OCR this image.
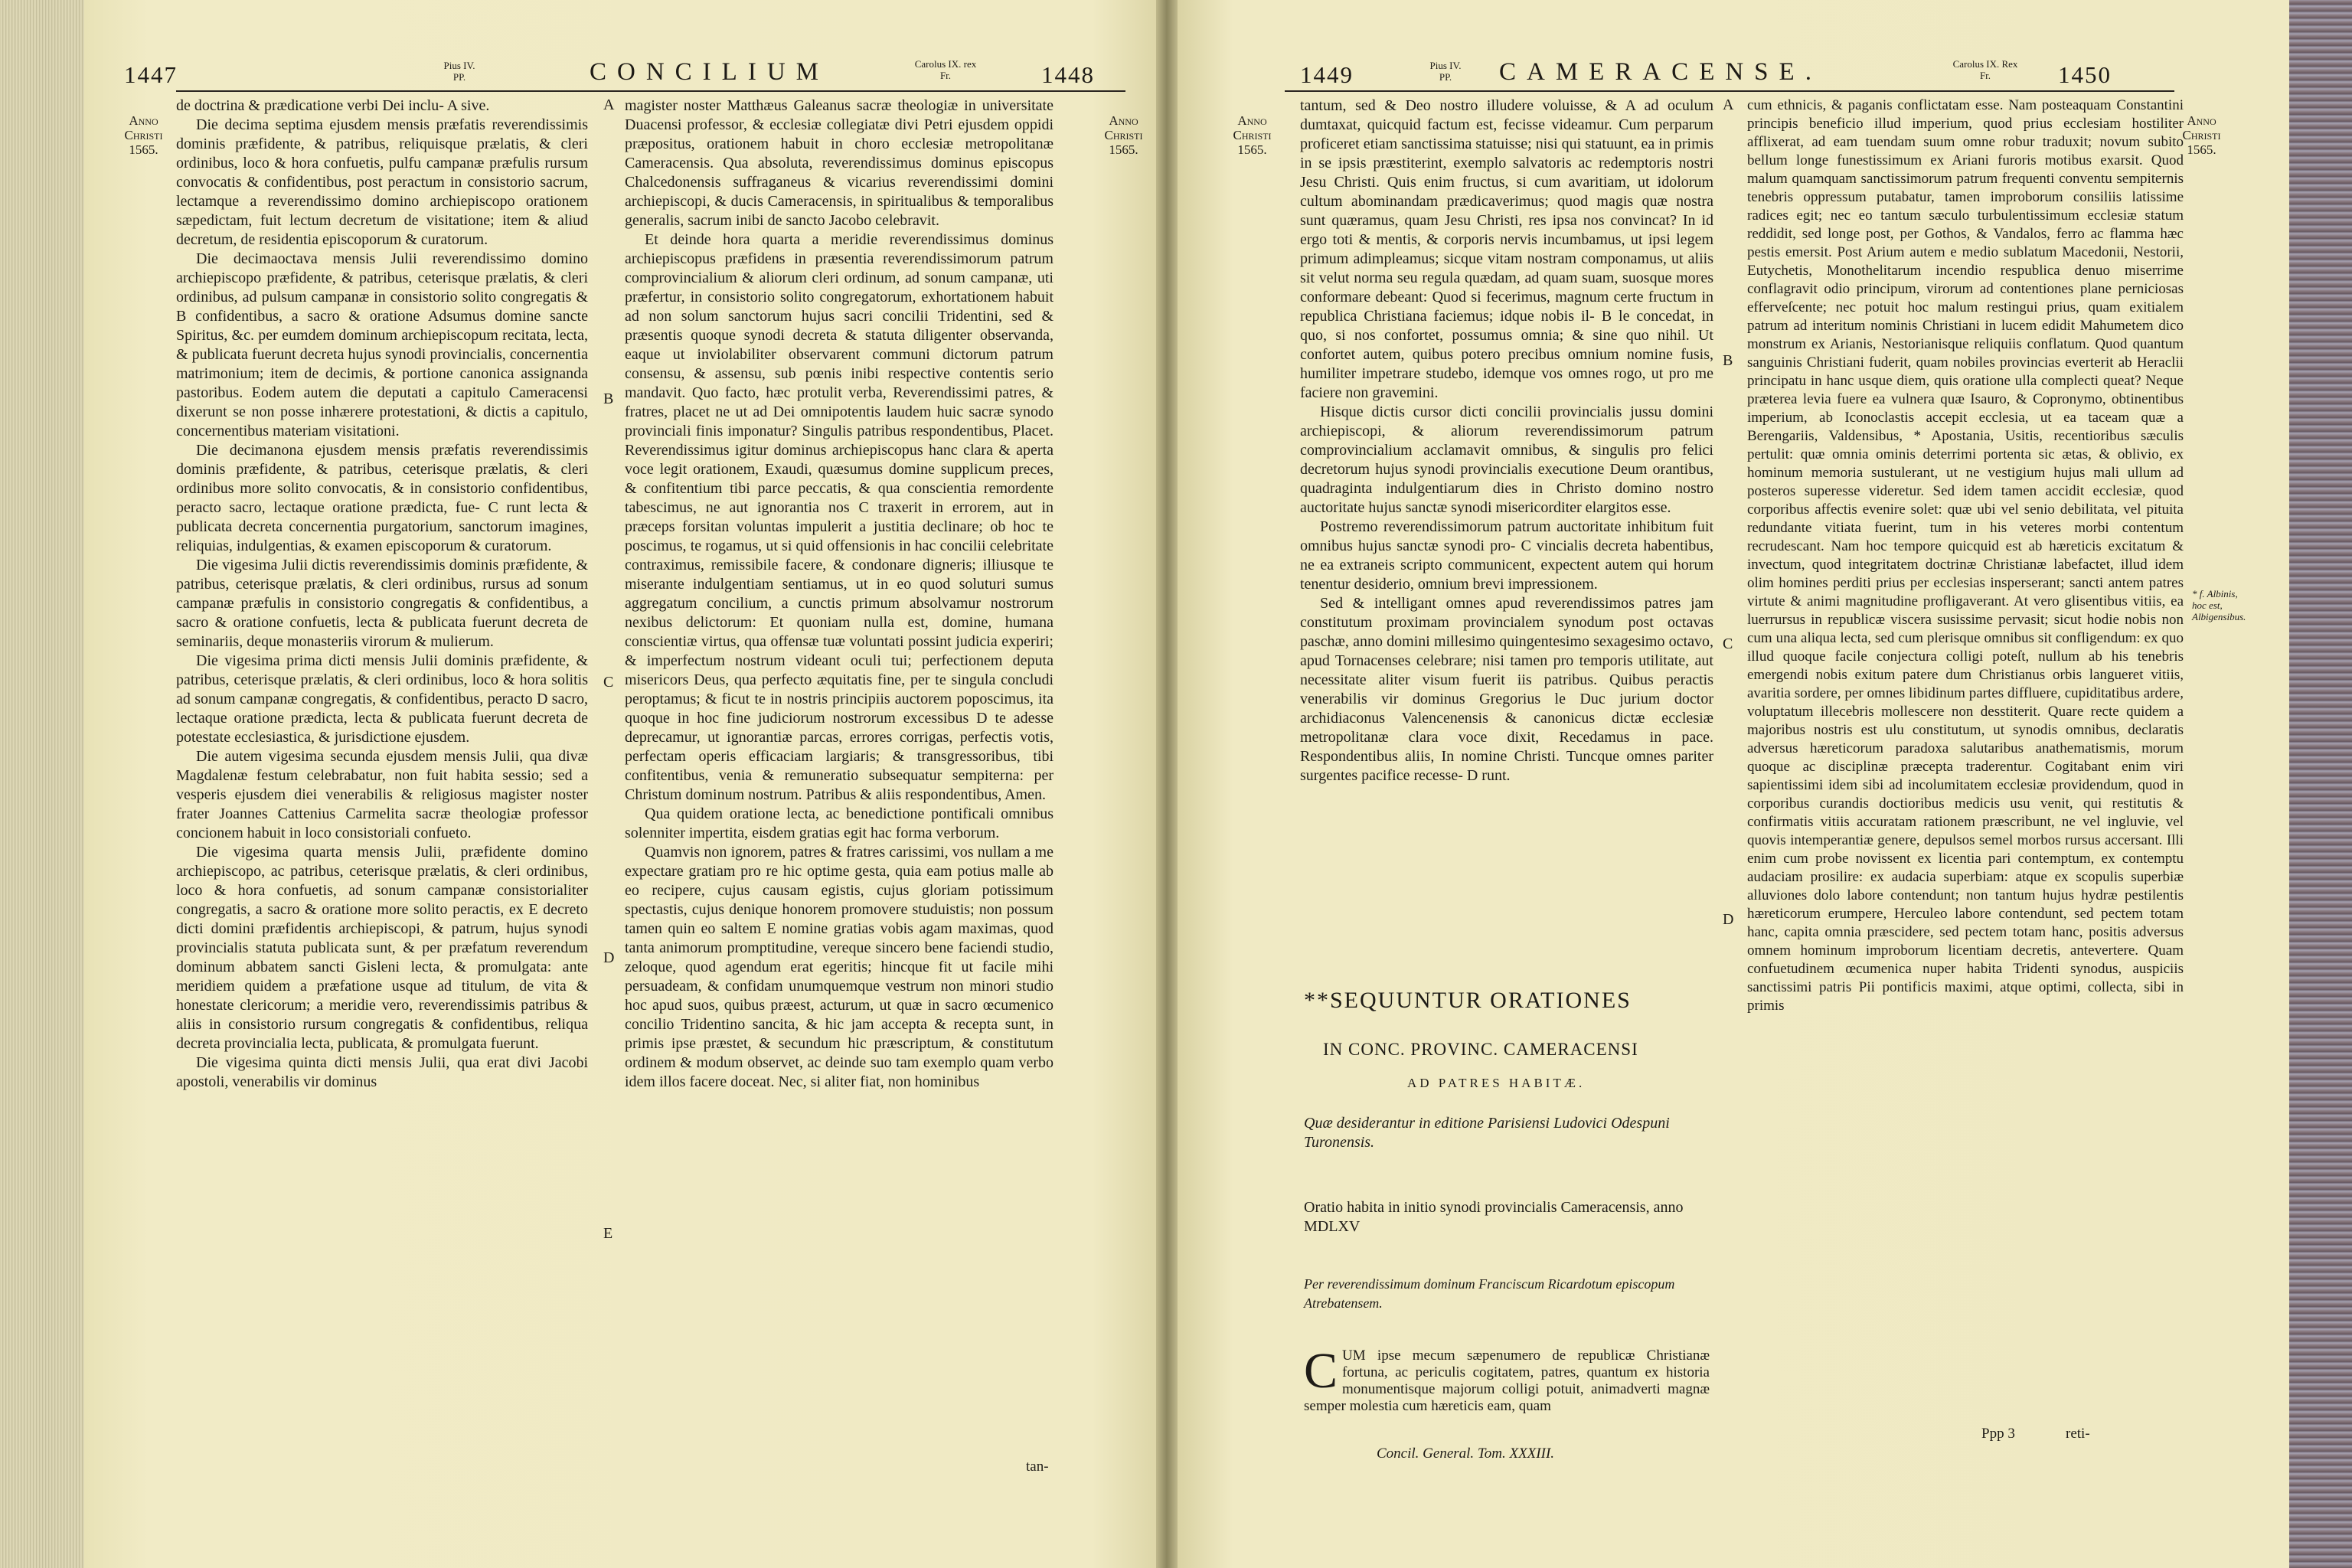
1447	Pius IV. PP.	CONCILIUM	Carolus IX. rex Fr.	1448
Anno Christi 1565.
Anno Christi 1565.

de doctrina & prædicatione verbi Dei inclu- A sive.

Die decima septima ejusdem mensis præfatis reverendissimis dominis præfidente, & patribus, reliquisque prælatis, & cleri ordinibus, loco & hora confuetis, pulfu campanæ præfulis rursum convocatis & confidentibus, post peractum in consistorio sacrum, lectamque a reverendissimo domino archiepiscopo orationem sæpedictam, fuit lectum decretum de visitatione; item & aliud decretum, de residentia episcoporum & curatorum.

Die decimaoctava mensis Julii reverendissimo domino archiepiscopo præfidente, & patribus, ceterisque prælatis, & cleri ordinibus, ad pulsum campanæ in consistorio solito congregatis & B confidentibus, a sacro & oratione Adsumus domine sancte Spiritus, &c. per eumdem dominum archiepiscopum recitata, lecta, & publicata fuerunt decreta hujus synodi provincialis, concernentia matrimonium; item de decimis, & portione canonica assignanda pastoribus. Eodem autem die deputati a capitulo Cameracensi dixerunt se non posse inhærere protestationi, & dictis a capitulo, concernentibus materiam visitationi.

Die decimanona ejusdem mensis præfatis reverendissimis dominis præfidente, & patribus, ceterisque prælatis, & cleri ordinibus more solito convocatis, & in consistorio confidentibus, peracto sacro, lectaque oratione prædicta, fue- C runt lecta & publicata decreta concernentia purgatorium, sanctorum imagines, reliquias, indulgentias, & examen episcoporum & curatorum.

Die vigesima Julii dictis reverendissimis dominis præfidente, & patribus, ceterisque prælatis, & cleri ordinibus, rursus ad sonum campanæ præfulis in consistorio congregatis & confidentibus, a sacro & oratione confuetis, lecta & publicata fuerunt decreta de seminariis, deque monasteriis virorum & mulierum.

Die vigesima prima dicti mensis Julii dominis præfidente, & patribus, ceterisque prælatis, & cleri ordinibus, loco & hora solitis ad sonum campanæ congregatis, & confidentibus, peracto D sacro, lectaque oratione prædicta, lecta & publicata fuerunt decreta de potestate ecclesiastica, & jurisdictione ejusdem.

Die autem vigesima secunda ejusdem mensis Julii, qua divæ Magdalenæ festum celebrabatur, non fuit habita sessio; sed a vesperis ejusdem diei venerabilis & religiosus magister noster frater Joannes Cattenius Carmelita sacræ theologiæ professor concionem habuit in loco consistoriali confueto.

Die vigesima quarta mensis Julii, præfidente domino archiepiscopo, ac patribus, ceterisque prælatis, & cleri ordinibus, loco & hora confuetis, ad sonum campanæ consistorialiter congregatis, a sacro & oratione more solito peractis, ex E decreto dicti domini præfidentis archiepiscopi, & patrum, hujus synodi provincialis statuta publicata sunt, & per præfatum reverendum dominum abbatem sancti Gisleni lecta, & promulgata: ante meridiem quidem a præfatione usque ad titulum, de vita & honestate clericorum; a meridie vero, reverendissimis patribus & aliis in consistorio rursum congregatis & confidentibus, reliqua decreta provincialia lecta, publicata, & promulgata fuerunt.

Die vigesima quinta dicti mensis Julii, qua erat divi Jacobi apostoli, venerabilis vir dominus

A
B
C
D
E

magister noster Matthæus Galeanus sacræ theologiæ in universitate Duacensi professor, & ecclesiæ collegiatæ divi Petri ejusdem oppidi præpositus, orationem habuit in choro ecclesiæ metropolitanæ Cameracensis. Qua absoluta, reverendissimus dominus episcopus Chalcedonensis suffraganeus & vicarius reverendissimi domini archiepiscopi, & ducis Cameracensis, in spiritualibus & temporalibus generalis, sacrum inibi de sancto Jacobo celebravit.

Et deinde hora quarta a meridie reverendissimus dominus archiepiscopus præfidens in præsentia reverendissimorum patrum comprovincialium & aliorum cleri ordinum, ad sonum campanæ, uti præfertur, in consistorio solito congregatorum, exhortationem habuit ad non solum sanctorum hujus sacri concilii Tridentini, sed & præsentis quoque synodi decreta & statuta diligenter observanda, eaque ut inviolabiliter observarent communi dictorum patrum consensu, & assensu, sub pœnis inibi respective contentis serio mandavit. Quo facto, hæc protulit verba, Reverendissimi patres, & fratres, placet ne ut ad Dei omnipotentis laudem huic sacræ synodo provinciali finis imponatur? Singulis patribus respondentibus, Placet. Reverendissimus igitur dominus archiepiscopus hanc clara & aperta voce legit orationem, Exaudi, quæsumus domine supplicum preces, & confitentium tibi parce peccatis, & qua conscientia remordente tabescimus, ne aut ignorantia nos C traxerit in errorem, aut in præceps forsitan voluntas impulerit a justitia declinare; ob hoc te poscimus, te rogamus, ut si quid offensionis in hac concilii celebritate contraximus, remissibile facere, & condonare digneris; illiusque te miserante indulgentiam sentiamus, ut in eo quod soluturi sumus aggregatum concilium, a cunctis primum absolvamur nostrorum nexibus delictorum: Et quoniam nulla est, domine, humana conscientiæ virtus, qua offensæ tuæ voluntati possint judicia experiri; & imperfectum nostrum videant oculi tui; perfectionem deputa misericors Deus, qua perfecto æquitatis fine, per te singula concludi peroptamus; & ficut te in nostris principiis auctorem poposcimus, ita quoque in hoc fine judiciorum nostrorum excessibus D te adesse deprecamur, ut ignorantiæ parcas, errores corrigas, perfectis votis, perfectam operis efficaciam largiaris; & transgressoribus, tibi confitentibus, venia & remuneratio subsequatur sempiterna: per Christum dominum nostrum. Patribus & aliis respondentibus, Amen.

Qua quidem oratione lecta, ac benedictione pontificali omnibus solenniter impertita, eisdem gratias egit hac forma verborum.

Quamvis non ignorem, patres & fratres carissimi, vos nullam a me expectare gratiam pro re hic optime gesta, quia eam potius malle ab eo recipere, cujus causam egistis, cujus gloriam potissimum spectastis, cujus denique honorem promovere studuistis; non possum tamen quin eo saltem E nomine gratias vobis agam maximas, quod tanta animorum promptitudine, vereque sincero bene faciendi studio, zeloque, quod agendum erat egeritis; hincque fit ut facile mihi persuadeam, & confidam unumquemque vestrum non minori studio hoc apud suos, quibus præest, acturum, ut quæ in sacro œcumenico concilio Tridentino sancita, & hic jam accepta & recepta sunt, in primis ipse præstet, & secundum hic præscriptum, & constitutum ordinem & modum observet, ac deinde suo tam exemplo quam verbo idem illos facere doceat. Nec, si aliter fiat, non hominibus

tan-
1449	Pius IV. PP.	CAMERACENSE.	Carolus IX. Rex Fr.	1450
Anno Christi 1565.
Anno Christi 1565.

tantum, sed & Deo nostro illudere voluisse, & A ad oculum dumtaxat, quicquid factum est, fecisse videamur. Cum perparum proficeret etiam sanctissima statuisse; nisi qui statuunt, ea in primis in se ipsis præstiterint, exemplo salvatoris ac redemptoris nostri Jesu Christi. Quis enim fructus, si cum avaritiam, ut idolorum cultum abominandam prædicaverimus; quod magis quæ nostra sunt quæramus, quam Jesu Christi, res ipsa nos convincat? In id ergo toti & mentis, & corporis nervis incumbamus, ut ipsi legem primum adimpleamus; sicque vitam nostram componamus, ut aliis sit velut norma seu regula quædam, ad quam suam, suosque mores conformare debeant: Quod si fecerimus, magnum certe fructum in republica Christiana faciemus; idque nobis il- B le concedat, in quo, si nos confortet, possumus omnia; & sine quo nihil. Ut confortet autem, quibus potero precibus omnium nomine fusis, humiliter impetrare studebo, idemque vos omnes rogo, ut pro me faciere non gravemini.

Hisque dictis cursor dicti concilii provincialis jussu domini archiepiscopi, & aliorum reverendissimorum patrum comprovincialium acclamavit omnibus, & singulis pro felici decretorum hujus synodi provincialis executione Deum orantibus, quadraginta indulgentiarum dies in Christo domino nostro auctoritate hujus sanctæ synodi misericorditer elargitos esse.

Postremo reverendissimorum patrum auctoritate inhibitum fuit omnibus hujus sanctæ synodi pro- C vincialis decreta habentibus, ne ea extraneis scripto communicent, expectent autem qui horum tenentur desiderio, omnium brevi impressionem.

Sed & intelligant omnes apud reverendissimos patres jam constitutum proximam provincialem synodum post octavas paschæ, anno domini millesimo quingentesimo sexagesimo octavo, apud Tornacenses celebrare; nisi tamen pro temporis utilitate, aut necessitate aliter visum fuerit iis patribus. Quibus peractis venerabilis vir dominus Gregorius le Duc jurium doctor archidiaconus Valencenensis & canonicus dictæ ecclesiæ metropolitanæ clara voce dixit, Recedamus in pace. Respondentibus aliis, In nomine Christi. Tuncque omnes pariter surgentes pacifice recesse- D runt.

**SEQUUNTUR ORATIONES
IN CONC. PROVINC. CAMERACENSI
AD PATRES HABITÆ.
Quæ desiderantur in editione Parisiensi Ludovici Odespuni Turonensis.
Oratio habita in initio synodi provincialis Cameracensis, anno MDLXV
Per reverendissimum dominum Franciscum Ricardotum episcopum Atrebatensem.
C UM ipse mecum sæpenumero de republicæ Christianæ fortuna, ac periculis cogitatem, patres, quantum ex historia monumentisque majorum colligi potuit, animadverti magnæ semper molestia cum hæreticis eam, quam
Concil. General. Tom. XXXIII.
Ppp 3	reti-

cum ethnicis, & paganis conflictatam esse. Nam posteaquam Constantini principis beneficio illud imperium, quod prius ecclesiam hostiliter afflixerat, ad eam tuendam suum omne robur traduxit; novum subito bellum longe funestissimum ex Ariani furoris motibus exarsit. Quod malum quamquam sanctissimorum patrum frequenti conventu sempiternis tenebris oppressum putabatur, tamen improborum consiliis latissime radices egit; nec eo tantum sæculo turbulentissimum ecclesiæ statum reddidit, sed longe post, per Gothos, & Vandalos, ferro ac flamma hæc pestis emersit. Post Arium autem e medio sublatum Macedonii, Nestorii, Eutychetis, Monothelitarum incendio respublica denuo miserrime conflagravit odio principum, virorum ad contentiones plane perniciosas efferveſcente; nec potuit hoc malum restingui prius, quam exitialem patrum ad interitum nominis Christiani in lucem edidit Mahumetem dico monstrum ex Arianis, Nestorianisque reliquiis conflatum. Quod quantum sanguinis Christiani fuderit, quam nobiles provincias everterit ab Heraclii principatu in hanc usque diem, quis oratione ulla complecti queat? Neque præterea levia fuere ea vulnera quæ Isauro, & Copronymo, obtinentibus imperium, ab Iconoclastis accepit ecclesia, ut ea taceam quæ a Berengariis, Valdensibus, * Apostania, Usitis, recentioribus sæculis pertulit: quæ omnia ominis deterrimi portenta sic ætas, & oblivio, ex hominum memoria sustulerant, ut ne vestigium hujus mali ullum ad posteros superesse videretur. Sed idem tamen accidit ecclesiæ, quod corporibus affectis evenire solet: quæ ubi vel senio debilitata, vel pituita redundante vitiata fuerint, tum in his veteres morbi contentum recrudescant. Nam hoc tempore quicquid est ab hæreticis excitatum & invectum, quod integritatem doctrinæ Christianæ labefactet, illud idem olim homines perditi prius per ecclesias insperserant; sancti antem patres virtute & animi magnitudine profligaverant. At vero glisentibus vitiis, ea luerrursus in republicæ viscera susissime pervasit; sicut hodie nobis non cum una aliqua lecta, sed cum plerisque omnibus sit confligendum: ex quo illud quoque facile conjectura colligi poteſt, nullum ab his tenebris emergendi nobis exitum patere dum Christianus orbis langueret vitiis, avaritia sordere, per omnes libidinum partes diffluere, cupiditatibus ardere, voluptatum illecebris mollescere non desstiterit. Quare recte quidem a majoribus nostris est ulu constitutum, ut synodis omnibus, declaratis adversus hæreticorum paradoxa salutaribus anathematismis, morum quoque ac disciplinæ præcepta traderentur. Cogitabant enim viri sapientissimi idem sibi ad incolumitatem ecclesiæ providendum, quod in corporibus curandis doctioribus medicis usu venit, qui restitutis & confirmatis vitiis accuratam rationem præscribunt, ne vel ingluvie, vel quovis intemperantiæ genere, depulsos semel morbos rursus accersant. Illi enim cum probe novissent ex licentia pari contemptum, ex contemptu audaciam prosilire: ex audacia superbiam: atque ex scopulis superbiæ alluviones dolo labore contendunt; non tantum hujus hydræ pestilentis hæreticorum erumpere, Herculeo labore contendunt, sed pectem totam hanc, capita omnia præscidere, sed pectem totam hanc, positis adversus omnem hominum improborum licentiam decretis, antevertere. Quam confuetudinem œcumenica nuper habita Tridenti synodus, auspiciis sanctissimi patris Pii pontificis maximi, atque optimi, collecta, sibi in primis

B
C
D
A
* f. Albinis, hoc est, Albigensibus.
